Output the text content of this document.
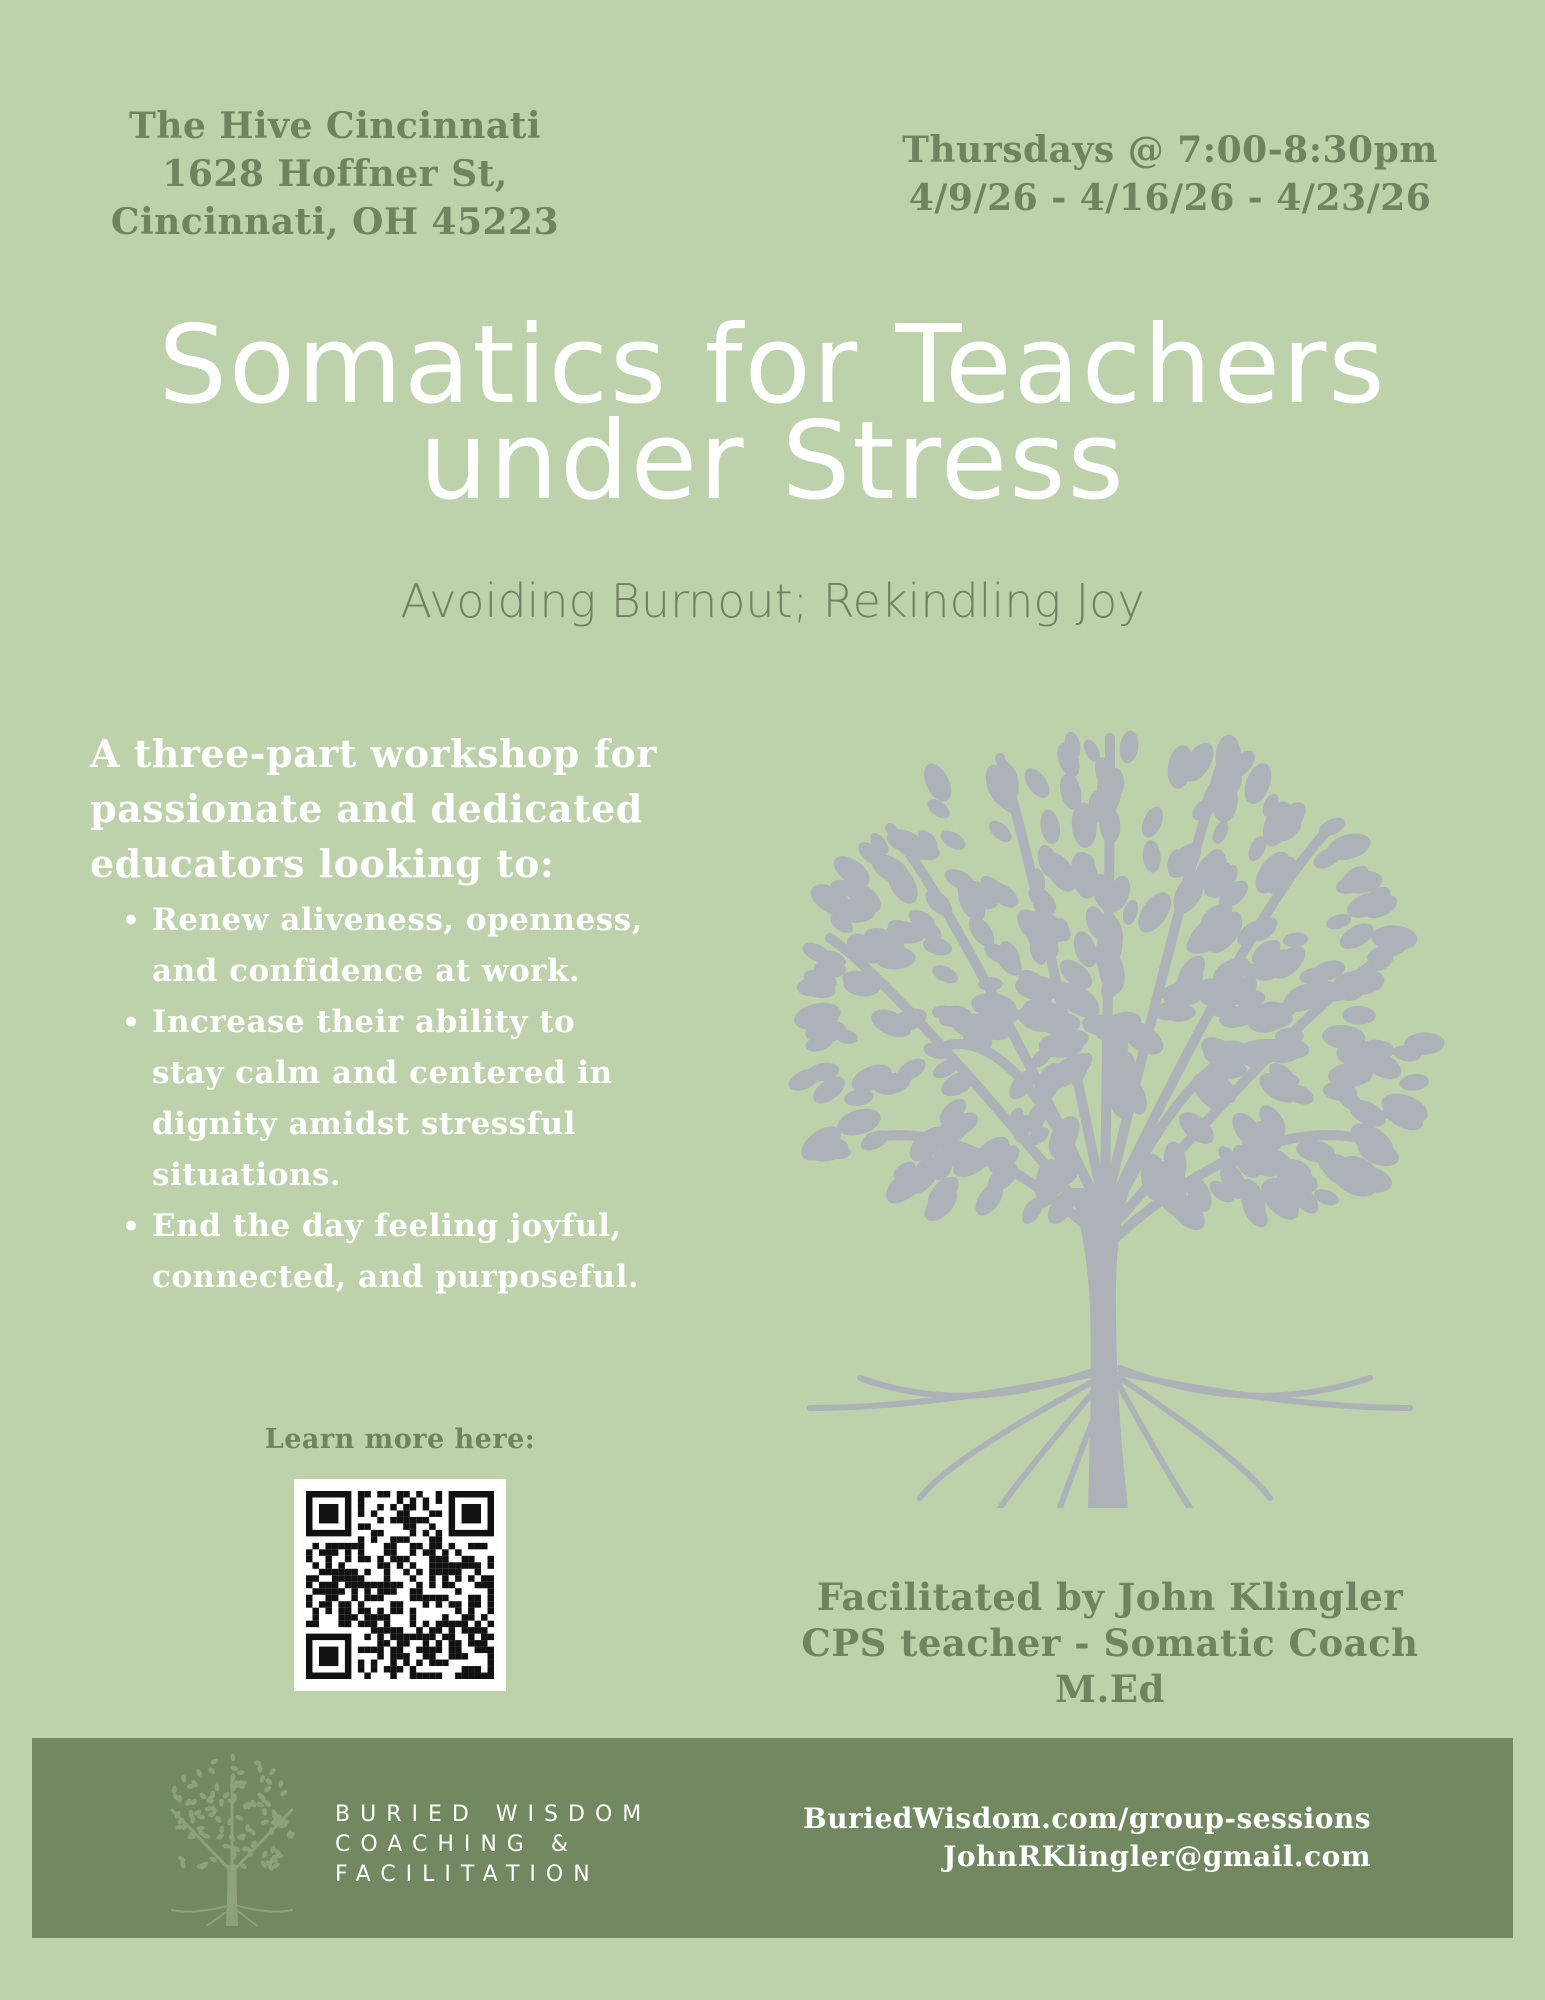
The Hive Cincinnati
1628 Hoffner St,
Cincinnati, OH 45223
Thursdays @ 7:00-8:30pm
4/9/26 - 4/16/26 - 4/23/26
Somatics for Teachers
under Stress
Avoiding Burnout; Rekindling Joy
A three-part workshop for
passionate and dedicated
educators looking to:
• Renew aliveness, openness,
and confidence at work.
• Increase their ability to
stay calm and centered in
dignity amidst stressful
situations.
• End the day feeling joyful,
connected, and purposeful.
Learn more here:
Facilitated by John Klingler
CPS teacher - Somatic Coach
M.Ed
BURIED WISDOM
COACHING &
FACILITATION
BuriedWisdom.com/group-sessions
JohnRKlingler@gmail.com
